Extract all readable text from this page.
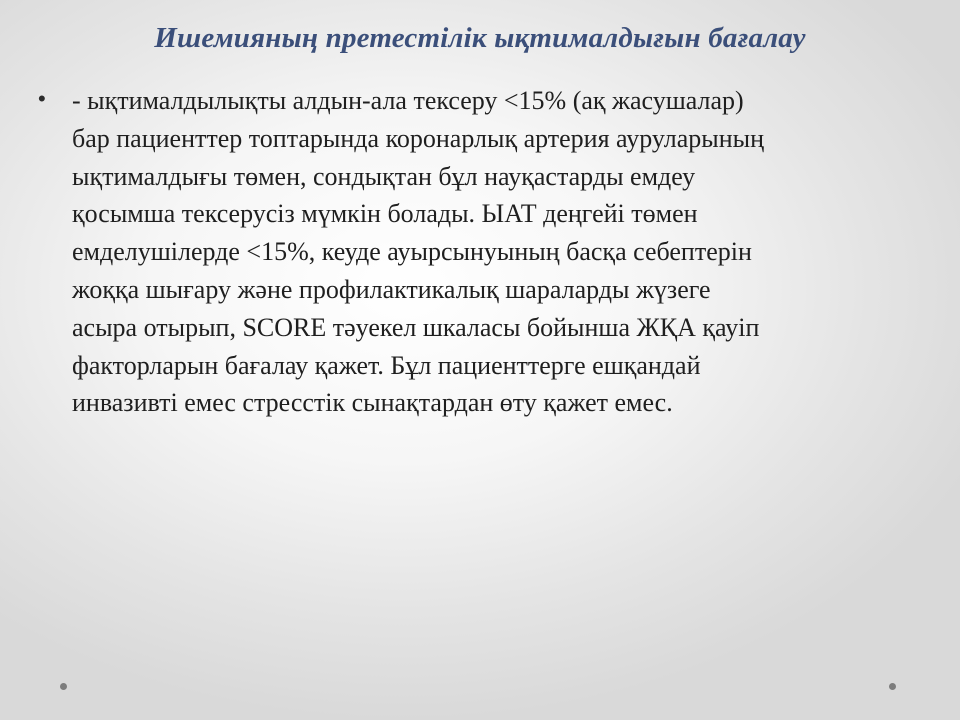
Ишемияның претестілік ықтималдығын бағалау
•	- ықтималдылықты алдын-ала тексеру <15% (ақ жасушалар)
бар пациенттер топтарында коронарлық артерия ауруларының
ықтималдығы төмен, сондықтан бұл науқастарды емдеу
қосымша тексерусіз мүмкін болады. ЫАТ деңгейі төмен
емделушілерде <15%, кеуде ауырсынуының басқа себептерін
жоққа шығару және профилактикалық шараларды жүзеге
асыра отырып, SCORE тәуекел шкаласы бойынша ЖҚА қауіп
факторларын бағалау қажет. Бұл пациенттерге ешқандай
инвазивті емес стресстік сынақтардан өту қажет емес.
